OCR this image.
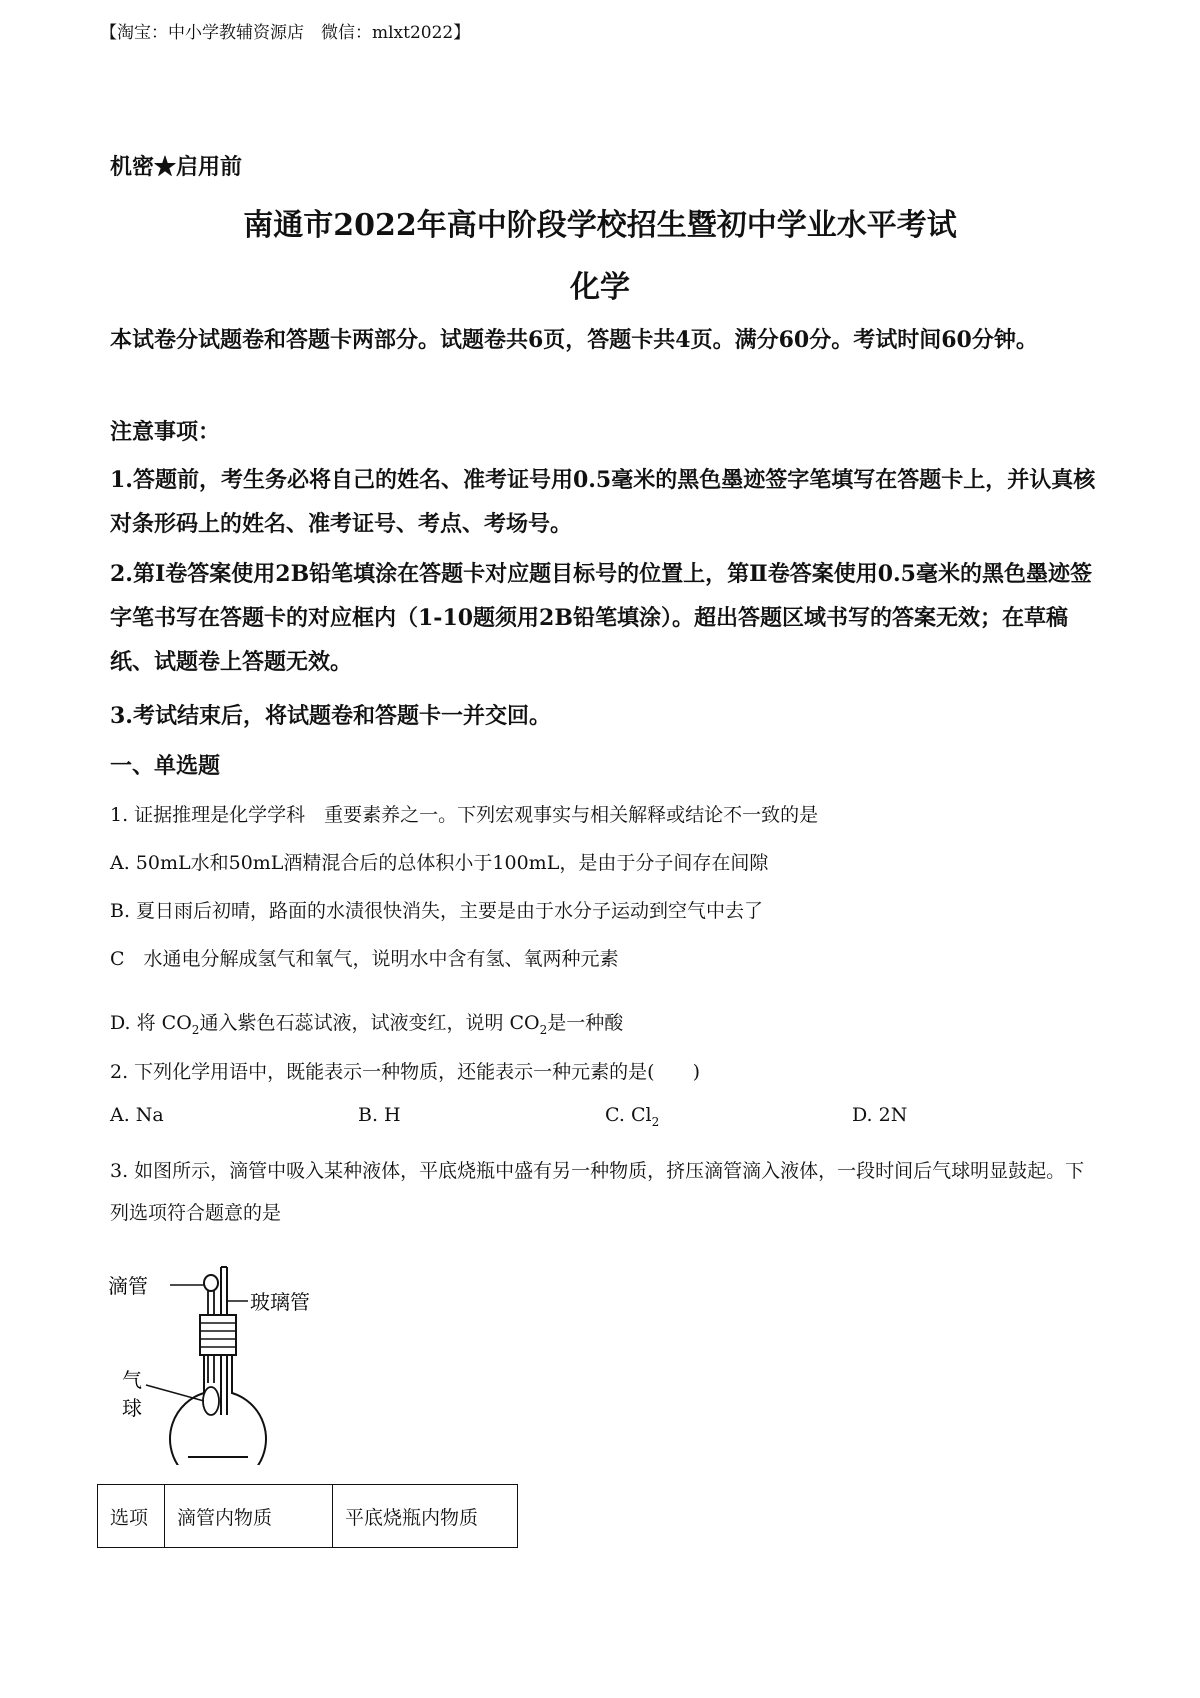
【淘宝：中小学教辅资源店　微信：mlxt2022】
机密★启用前
南通市2022年高中阶段学校招生暨初中学业水平考试
化学
本试卷分试题卷和答题卡两部分。试题卷共6页，答题卡共4页。满分60分。考试时间60分钟。
注意事项：
1.答题前，考生务必将自己的姓名、准考证号用0.5毫米的黑色墨迹签字笔填写在答题卡上，并认真核对条形码上的姓名、准考证号、考点、考场号。
2.第Ⅰ卷答案使用2B铅笔填涂在答题卡对应题目标号的位置上，第Ⅱ卷答案使用0.5毫米的黑色墨迹签字笔书写在答题卡的对应框内（1-10题须用2B铅笔填涂）。超出答题区域书写的答案无效；在草稿纸、试题卷上答题无效。
3.考试结束后，将试题卷和答题卡一并交回。
一、单选题
1. 证据推理是化学学科　重要素养之一。下列宏观事实与相关解释或结论不一致的是
A. 50mL水和50mL酒精混合后的总体积小于100mL，是由于分子间存在间隙
B. 夏日雨后初晴，路面的水渍很快消失，主要是由于水分子运动到空气中去了
C　水通电分解成氢气和氧气，说明水中含有氢、氧两种元素
D. 将 $CO_2$通入紫色石蕊试液，试液变红，说明 $CO_2$是一种酸
2. 下列化学用语中，既能表示一种物质，还能表示一种元素的是(　　)
A. Na	B. H	C. $Cl_2$	D. 2N
3. 如图所示，滴管中吸入某种液体，平底烧瓶中盛有另一种物质，挤压滴管滴入液体，一段时间后气球明显鼓起。下列选项符合题意的是
滴管
玻璃管
气
球
选项	滴管内物质	平底烧瓶内物质
